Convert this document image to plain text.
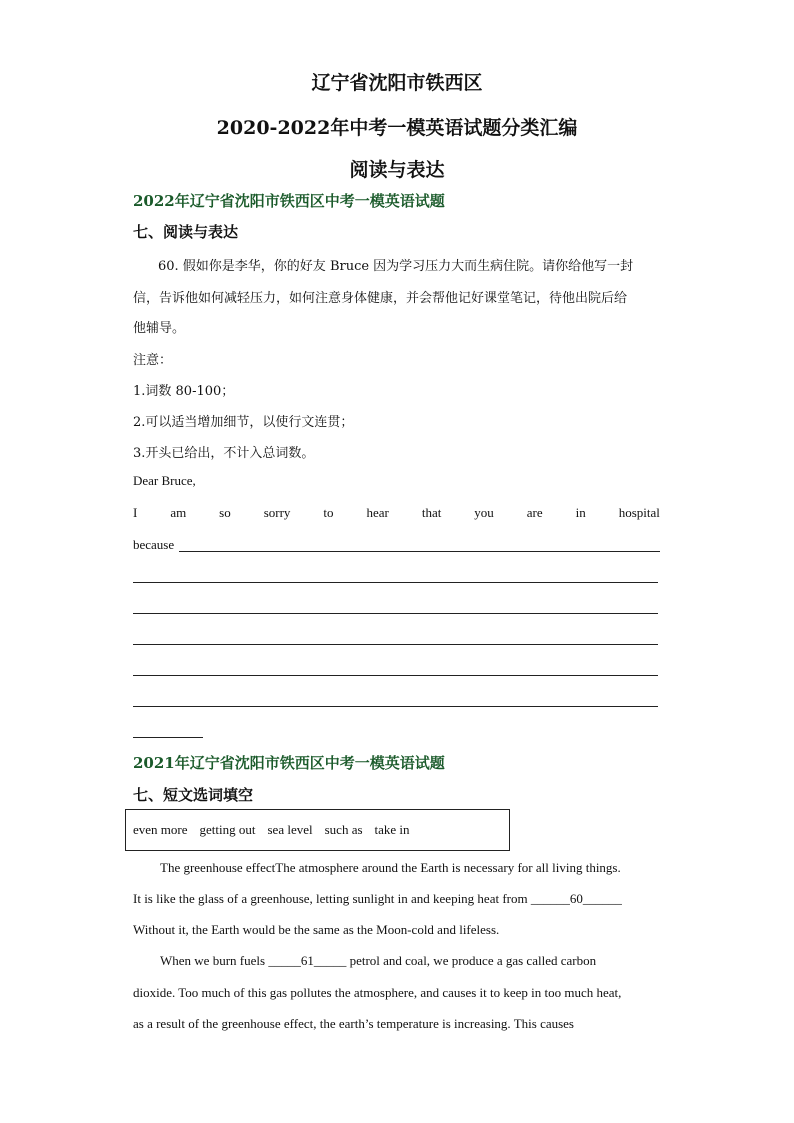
辽宁省沈阳市铁西区
2020-2022年中考一模英语试题分类汇编
阅读与表达
2022年辽宁省沈阳市铁西区中考一模英语试题
七、阅读与表达
60. 假如你是李华，你的好友 Bruce 因为学习压力大而生病住院。请你给他写一封
信，告诉他如何减轻压力，如何注意身体健康，并会帮他记好课堂笔记，待他出院后给
他辅导。
注意：
1.词数 80-100；
2.可以适当增加细节，以使行文连贯；
3.开头已给出，不计入总词数。
Dear Bruce,
I	am	so	sorry	to	hear	that	you	are	in	hospital
because
2021年辽宁省沈阳市铁西区中考一模英语试题
七、短文选词填空
even more getting out sea level such as take in
The greenhouse effectThe atmosphere around the Earth is necessary for all living things.
It is like the glass of a greenhouse, letting sunlight in and keeping heat from ______60______
Without it, the Earth would be the same as the Moon-cold and lifeless.
When we burn fuels _____61_____ petrol and coal, we produce a gas called carbon
dioxide. Too much of this gas pollutes the atmosphere, and causes it to keep in too much heat,
as a result of the greenhouse effect, the earth’s temperature is increasing. This causes
